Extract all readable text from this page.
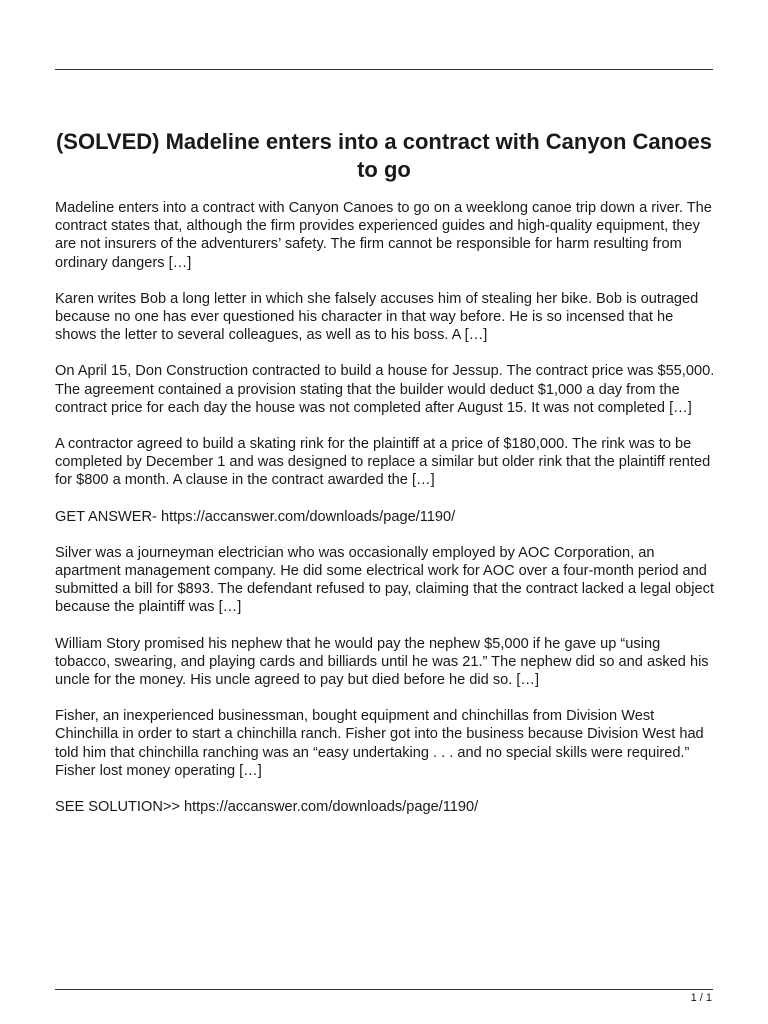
(SOLVED) Madeline enters into a contract with Canyon Canoes to go

Madeline enters into a contract with Canyon Canoes to go on a weeklong canoe trip down a river. The contract states that, although the firm provides experienced guides and high-quality equipment, they are not insurers of the adventurers’ safety. The firm cannot be responsible for harm resulting from ordinary dangers […]

Karen writes Bob a long letter in which she falsely accuses him of stealing her bike. Bob is outraged because no one has ever questioned his character in that way before. He is so incensed that he shows the letter to several colleagues, as well as to his boss. A […]

On April 15, Don Construction contracted to build a house for Jessup. The contract price was $55,000. The agreement contained a provision stating that the builder would deduct $1,000 a day from the contract price for each day the house was not completed after August 15. It was not completed […]

A contractor agreed to build a skating rink for the plaintiff at a price of $180,000. The rink was to be completed by December 1 and was designed to replace a similar but older rink that the plaintiff rented for $800 a month. A clause in the contract awarded the […]

GET ANSWER- https://accanswer.com/downloads/page/1190/

Silver was a journeyman electrician who was occasionally employed by AOC Corporation, an apartment management company. He did some electrical work for AOC over a four-month period and submitted a bill for $893. The defendant refused to pay, claiming that the contract lacked a legal object because the plaintiff was […]

William Story promised his nephew that he would pay the nephew $5,000 if he gave up “using tobacco, swearing, and playing cards and billiards until he was 21.” The nephew did so and asked his uncle for the money. His uncle agreed to pay but died before he did so. […]

Fisher, an inexperienced businessman, bought equipment and chinchillas from Division West Chinchilla in order to start a chinchilla ranch. Fisher got into the business because Division West had told him that chinchilla ranching was an “easy undertaking . . . and no special skills were required.” Fisher lost money operating […]

SEE SOLUTION>> https://accanswer.com/downloads/page/1190/

1 / 1
